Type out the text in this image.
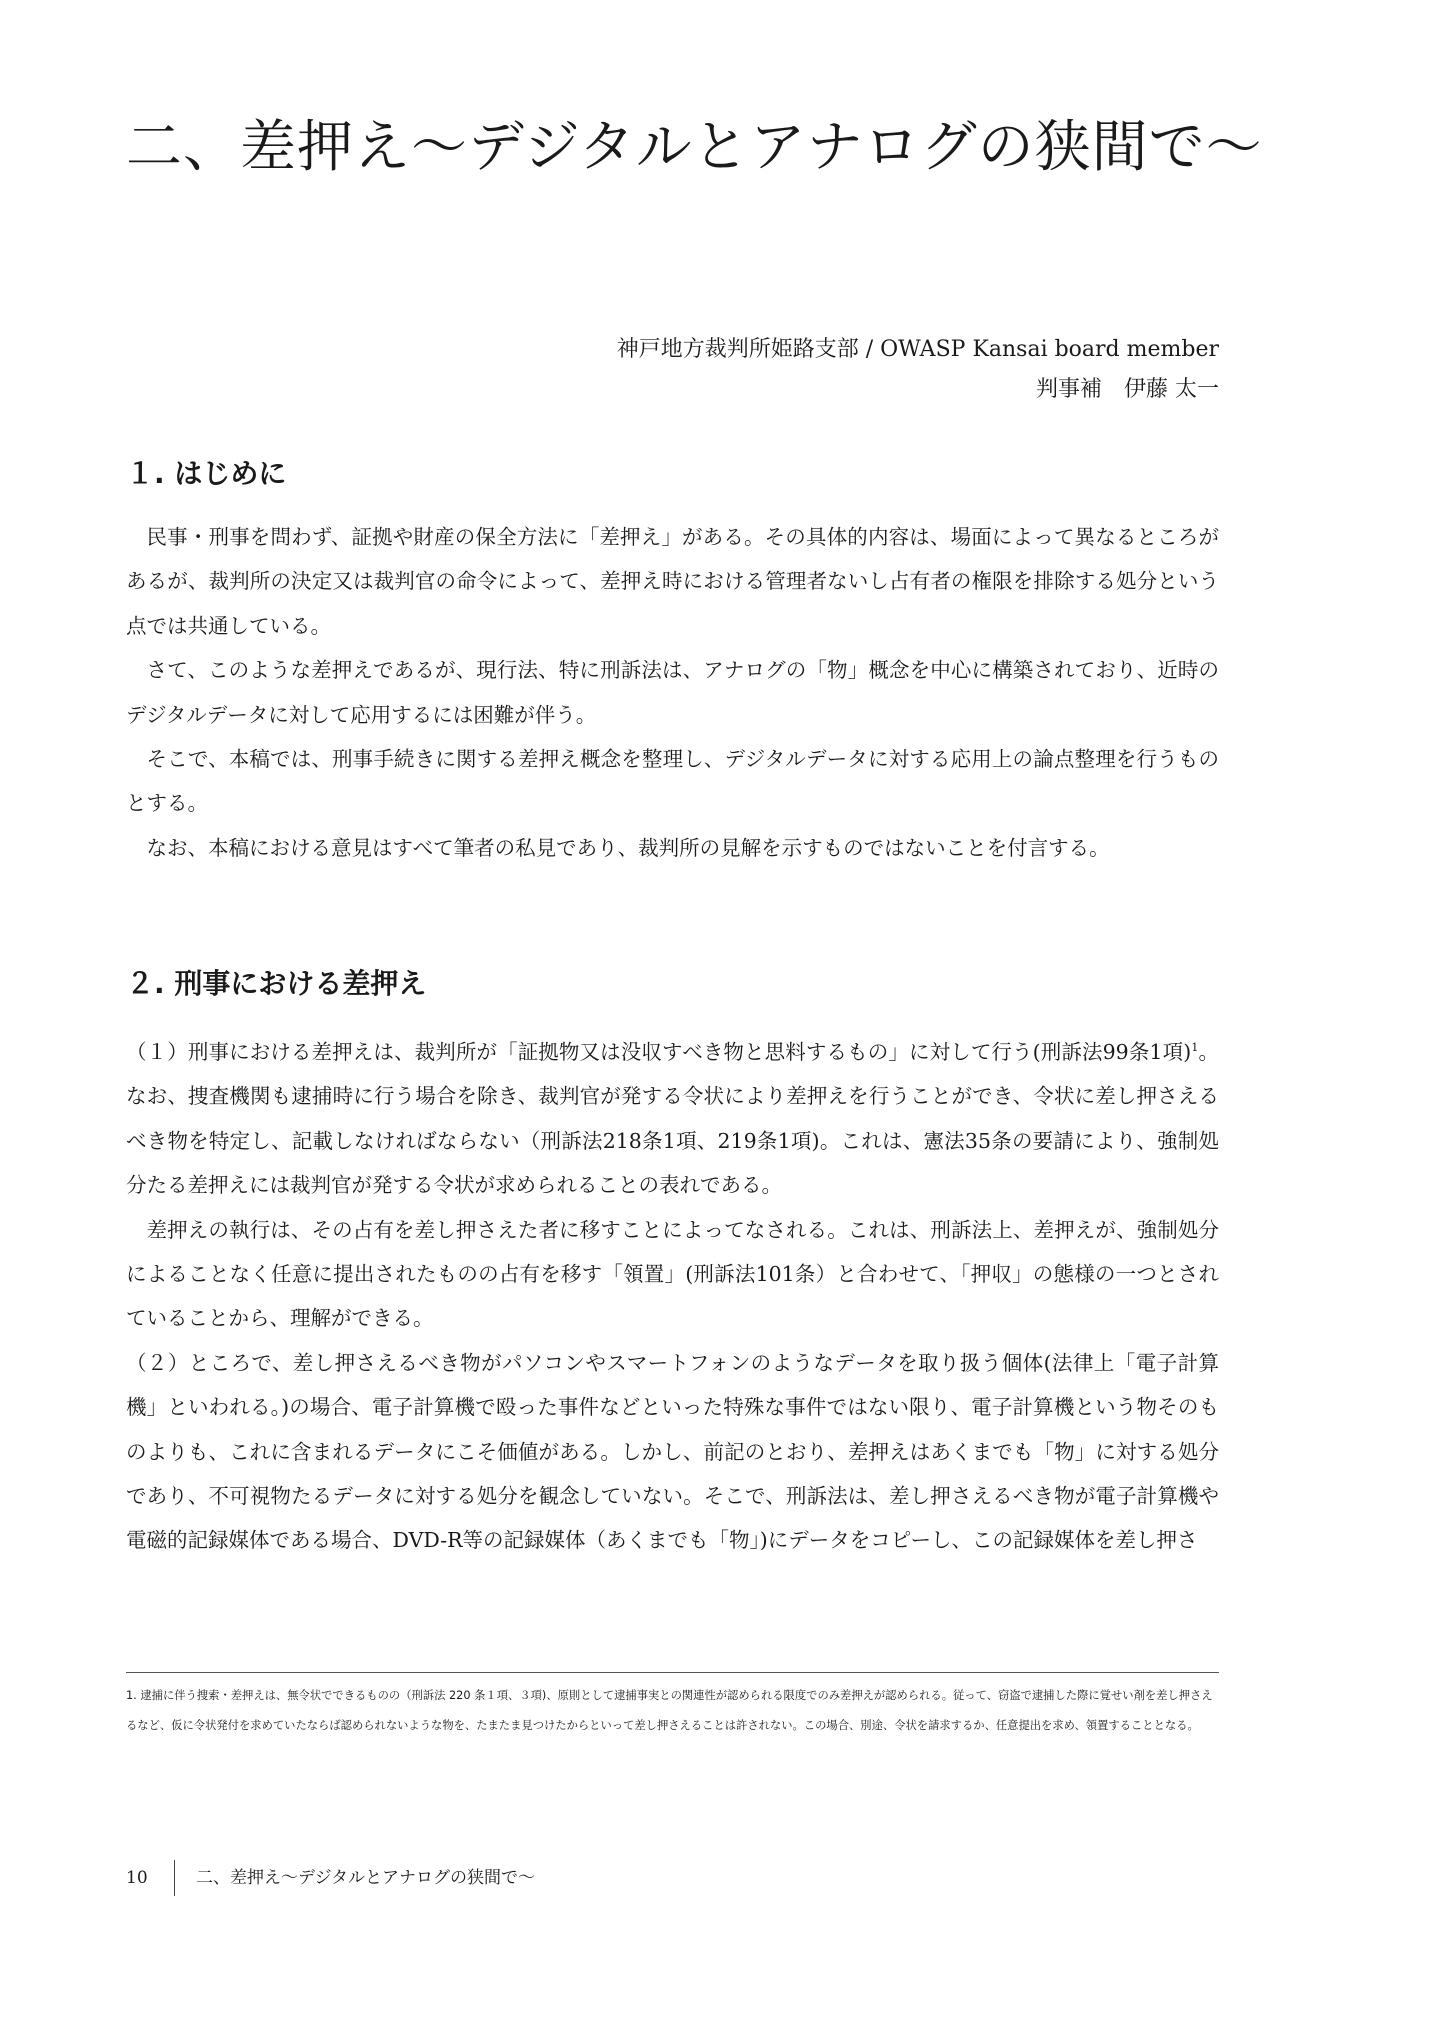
二、差押え〜デジタルとアナログの狭間で〜
神戸地方裁判所姫路支部 / OWASP Kansai board member
判事補　伊藤 太一
１. はじめに

民事・刑事を問わず、証拠や財産の保全方法に「差押え」がある。その具体的内容は、場面によって異なるところがあるが、裁判所の決定又は裁判官の命令によって、差押え時における管理者ないし占有者の権限を排除する処分という点では共通している。

さて、このような差押えであるが、現行法、特に刑訴法は、アナログの「物」概念を中心に構築されており、近時のデジタルデータに対して応用するには困難が伴う。

そこで、本稿では、刑事手続きに関する差押え概念を整理し、デジタルデータに対する応用上の論点整理を行うものとする。

なお、本稿における意見はすべて筆者の私見であり、裁判所の見解を示すものではないことを付言する。

２. 刑事における差押え

（１）刑事における差押えは、裁判所が「証拠物又は没収すべき物と思料するもの」に対して行う(刑訴法99条1項)$^1$。なお、捜査機関も逮捕時に行う場合を除き、裁判官が発する令状により差押えを行うことができ、令状に差し押さえるべき物を特定し、記載しなければならない（刑訴法218条1項、219条1項)。これは、憲法35条の要請により、強制処分たる差押えには裁判官が発する令状が求められることの表れである。

差押えの執行は、その占有を差し押さえた者に移すことによってなされる。これは、刑訴法上、差押えが、強制処分によることなく任意に提出されたものの占有を移す「領置」(刑訴法101条）と合わせて、「押収」の態様の一つとされていることから、理解ができる。

（２）ところで、差し押さえるべき物がパソコンやスマートフォンのようなデータを取り扱う個体(法律上「電子計算機」といわれる。)の場合、電子計算機で殴った事件などといった特殊な事件ではない限り、電子計算機という物そのものよりも、これに含まれるデータにこそ価値がある。しかし、前記のとおり、差押えはあくまでも「物」に対する処分であり、不可視物たるデータに対する処分を観念していない。そこで、刑訴法は、差し押さえるべき物が電子計算機や電磁的記録媒体である場合、DVD-R等の記録媒体（あくまでも「物」)にデータをコピーし、この記録媒体を差し押さ

1. 逮捕に伴う捜索・差押えは、無令状でできるものの（刑訴法 220 条１項、３項)、原則として逮捕事実との関連性が認められる限度でのみ差押えが認められる。従って、窃盗で逮捕した際に覚せい剤を差し押さえるなど、仮に令状発付を求めていたならば認められないような物を、たまたま見つけたからといって差し押さえることは許されない。この場合、別途、令状を請求するか、任意提出を求め、領置することとなる。
10	二、差押え〜デジタルとアナログの狭間で〜
